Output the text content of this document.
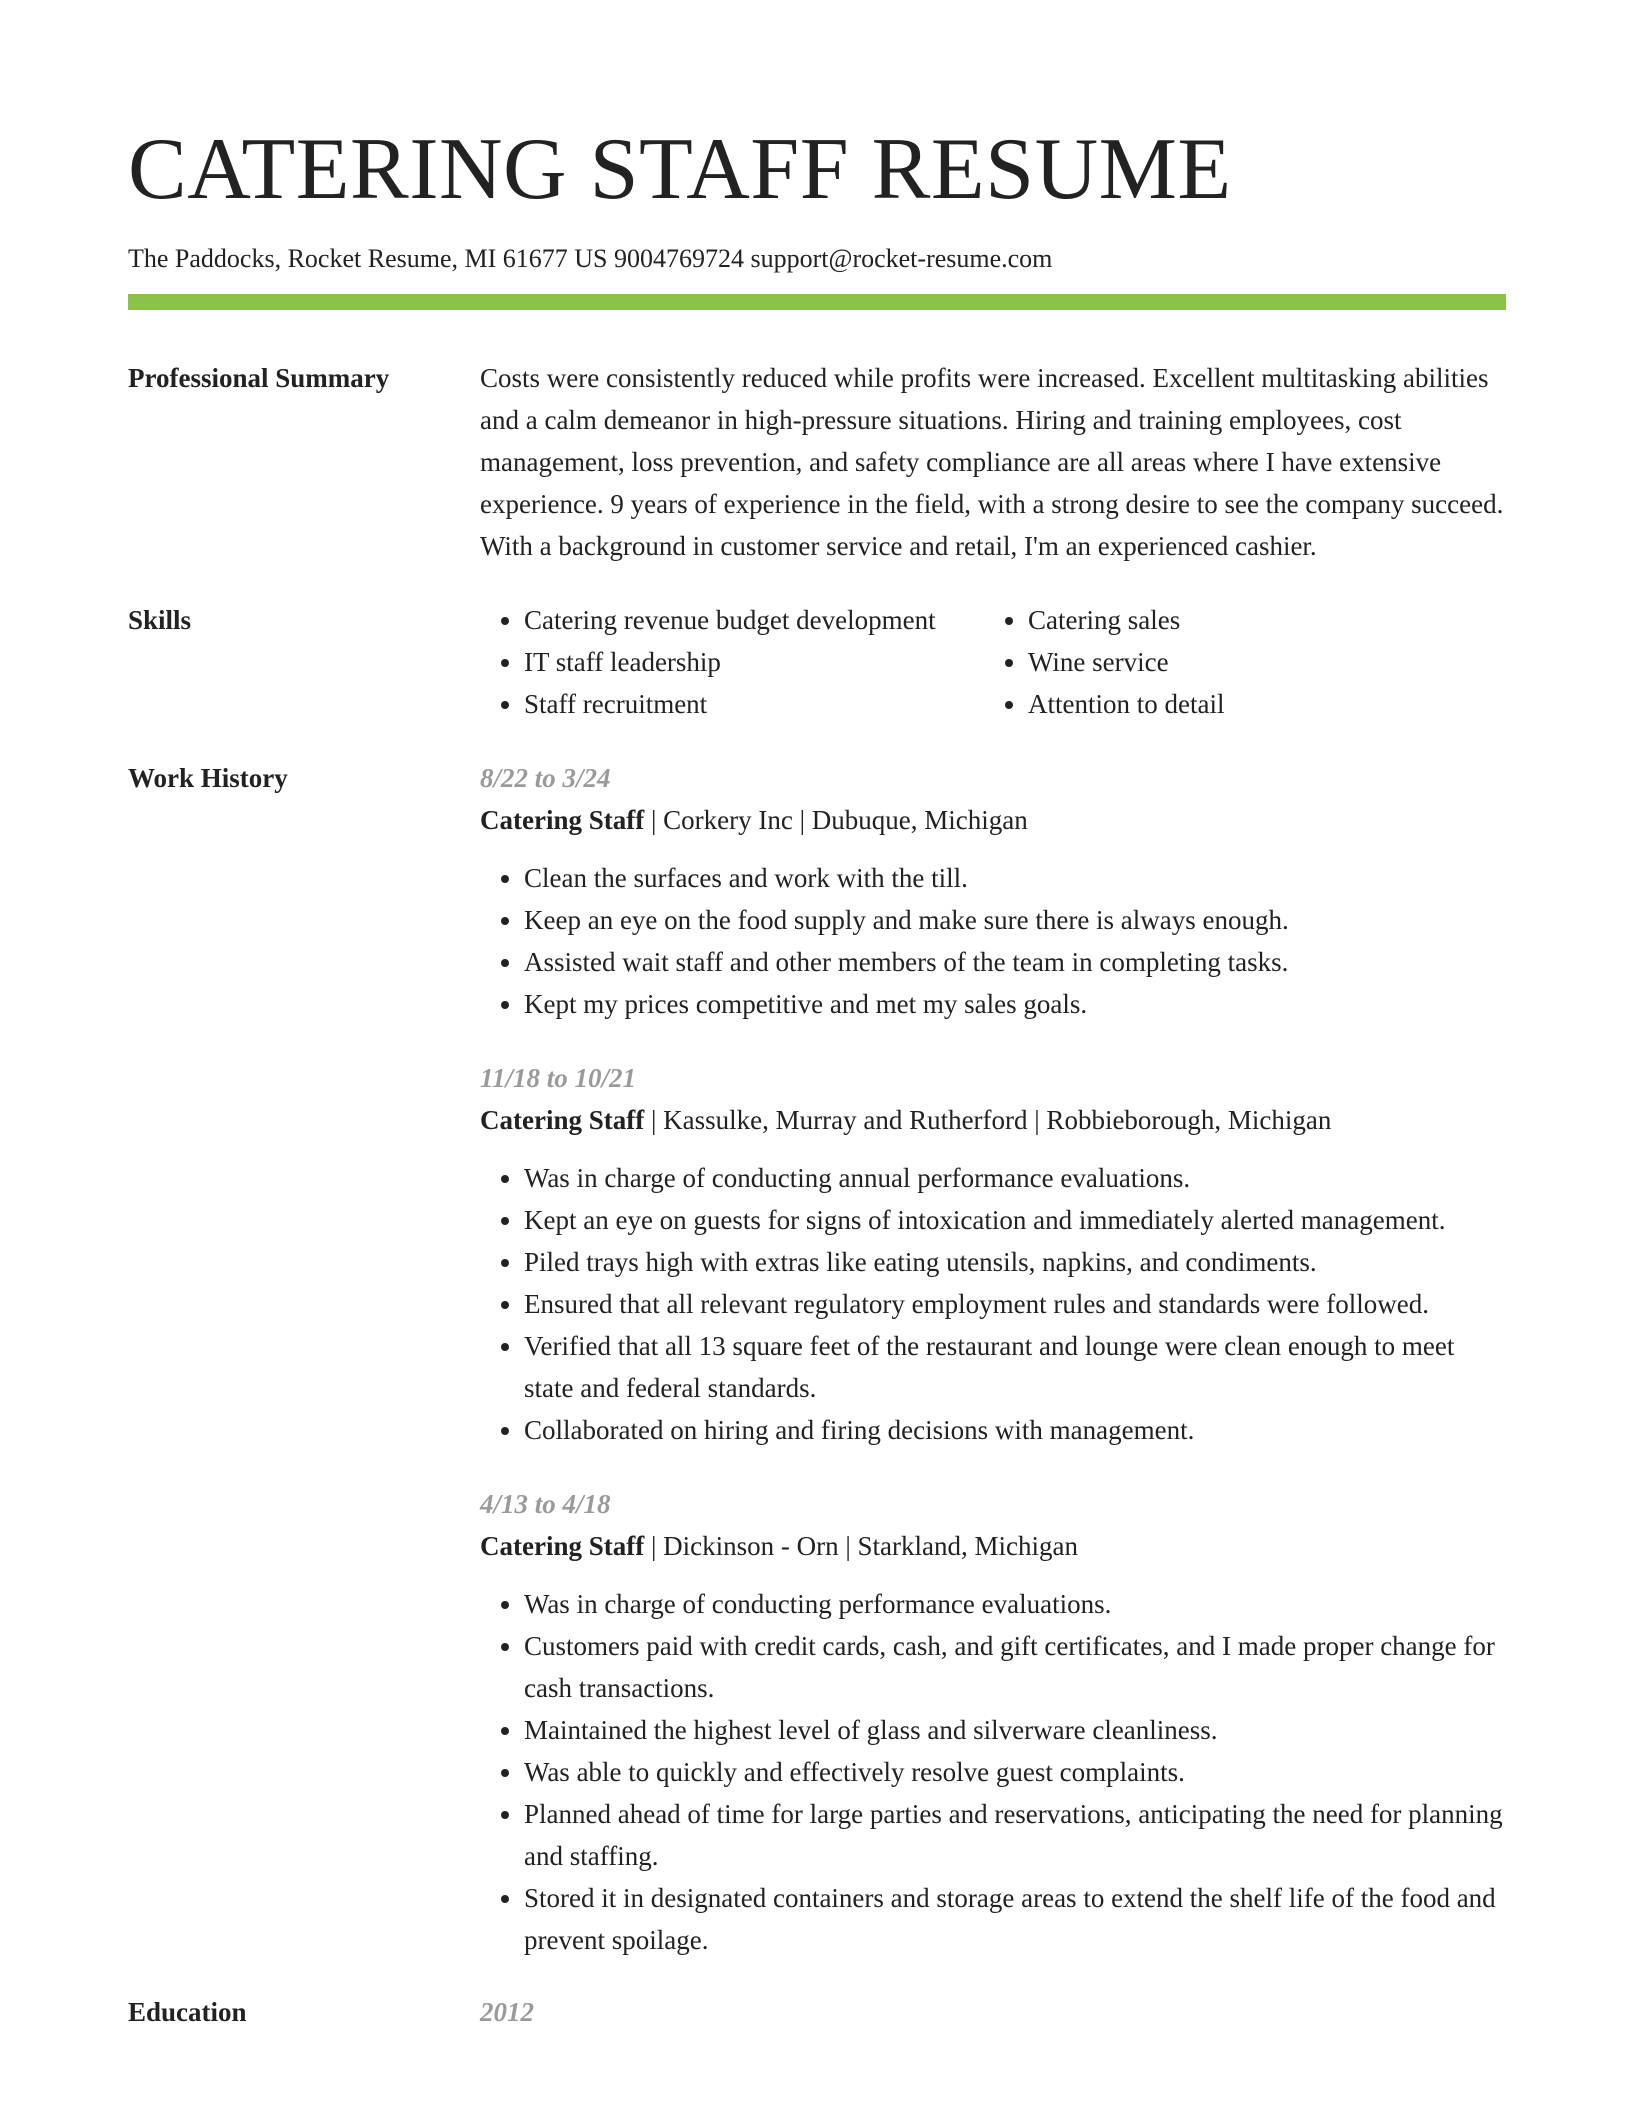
CATERING STAFF RESUME
The Paddocks, Rocket Resume, MI 61677 US 9004769724 support@rocket-resume.com
Professional Summary	Costs were consistently reduced while profits were increased. Excellent multitasking abilities and a calm demeanor in high-pressure situations. Hiring and training employees, cost management, loss prevention, and safety compliance are all areas where I have extensive experience. 9 years of experience in the field, with a strong desire to see the company succeed. With a background in customer service and retail, I'm an experienced cashier.

Skills
•	Catering revenue budget development
• IT staff leadership
• Staff recruitment
• Catering sales
• Wine service
• Attention to detail
Work History	8/22 to 3/24
Catering Staff | Corkery Inc | Dubuque, Michigan
• Clean the surfaces and work with the till.
• Keep an eye on the food supply and make sure there is always enough.
• Assisted wait staff and other members of the team in completing tasks.
• Kept my prices competitive and met my sales goals.
11/18 to 10/21
Catering Staff | Kassulke, Murray and Rutherford | Robbieborough, Michigan
• Was in charge of conducting annual performance evaluations.
• Kept an eye on guests for signs of intoxication and immediately alerted management.
• Piled trays high with extras like eating utensils, napkins, and condiments.
• Ensured that all relevant regulatory employment rules and standards were followed.
• Verified that all 13 square feet of the restaurant and lounge were clean enough to meet state and federal standards.
• Collaborated on hiring and firing decisions with management.
4/13 to 4/18
Catering Staff | Dickinson - Orn | Starkland, Michigan
• Was in charge of conducting performance evaluations.
• Customers paid with credit cards, cash, and gift certificates, and I made proper change for cash transactions.
• Maintained the highest level of glass and silverware cleanliness.
• Was able to quickly and effectively resolve guest complaints.
• Planned ahead of time for large parties and reservations, anticipating the need for planning and staffing.
• Stored it in designated containers and storage areas to extend the shelf life of the food and prevent spoilage.
Education	2012
